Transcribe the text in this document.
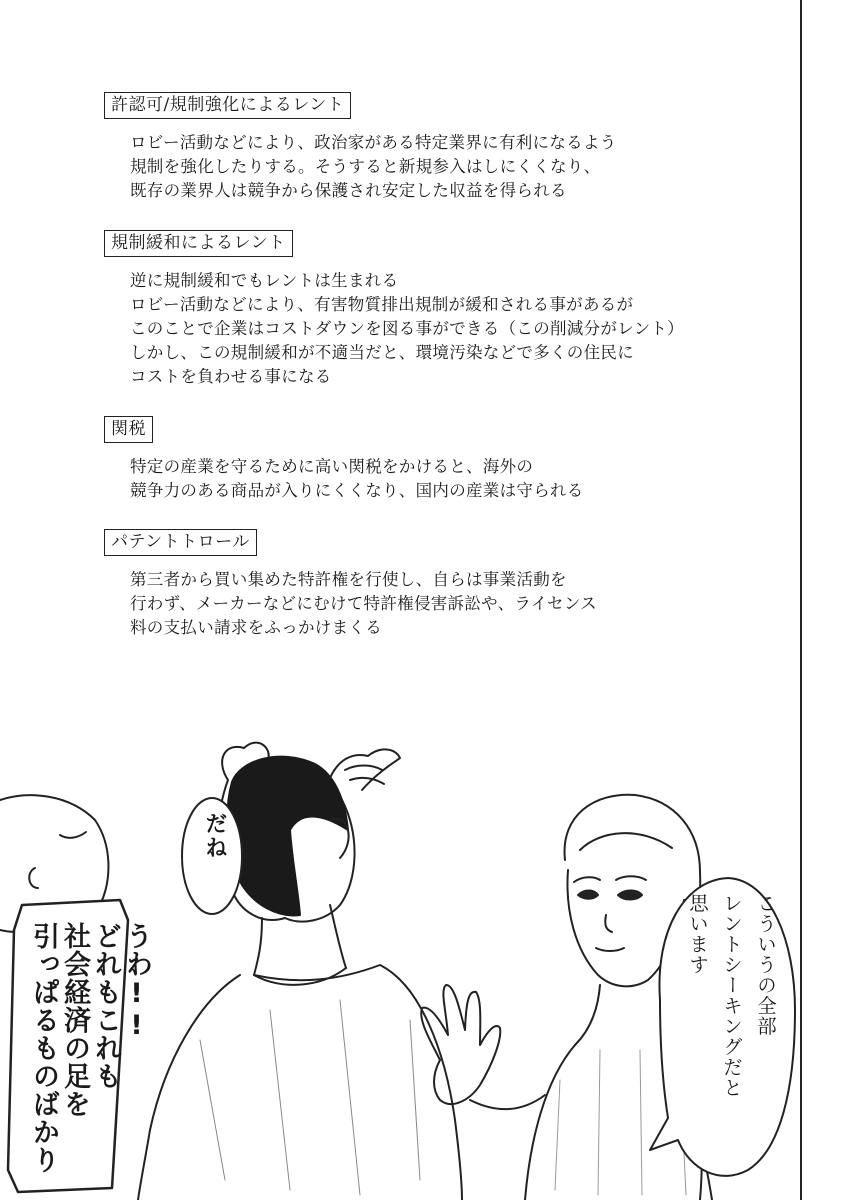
許認可/規制強化によるレント
ロビー活動などにより、政治家がある特定業界に有利になるよう
規制を強化したりする。そうすると新規参入はしにくくなり、
既存の業界人は競争から保護され安定した収益を得られる
規制緩和によるレント
逆に規制緩和でもレントは生まれる
ロビー活動などにより、有害物質排出規制が緩和される事があるが
このことで企業はコストダウンを図る事ができる（この削減分がレント）
しかし、この規制緩和が不適当だと、環境汚染などで多くの住民に
コストを負わせる事になる
関税
特定の産業を守るために高い関税をかけると、海外の
競争力のある商品が入りにくくなり、国内の産業は守られる
パテントトロール
第三者から買い集めた特許権を行使し、自らは事業活動を
行わず、メーカーなどにむけて特許権侵害訴訟や、ライセンス
料の支払い請求をふっかけまくる
だね
うわ!!
どれもこれも
社会経済の足を
引っぱるものばかり	こういうの全部
レントシーキングだと
思います
